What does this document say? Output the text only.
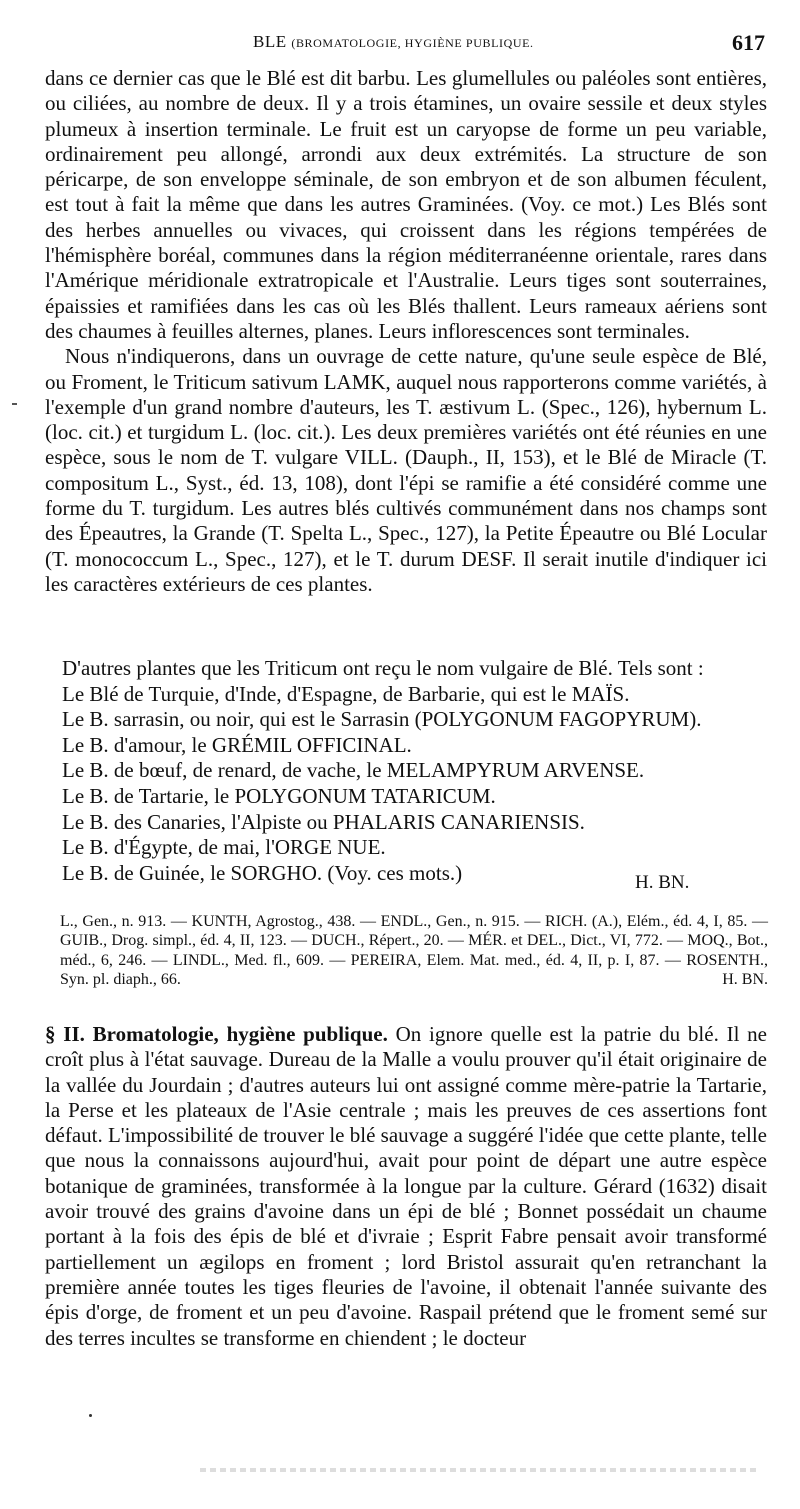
BLE (BROMATOLOGIE, HYGIÈNE PUBLIQUE.	617

dans ce dernier cas que le Blé est dit barbu. Les glumellules ou paléoles sont entières, ou ciliées, au nombre de deux. Il y a trois étamines, un ovaire sessile et deux styles plumeux à insertion terminale. Le fruit est un caryopse de forme un peu variable, ordinairement peu allongé, arrondi aux deux extrémités. La structure de son péricarpe, de son enveloppe séminale, de son embryon et de son albumen féculent, est tout à fait la même que dans les autres Graminées. (Voy. ce mot.) Les Blés sont des herbes annuelles ou vivaces, qui croissent dans les régions tempérées de l'hémisphère boréal, communes dans la région méditerranéenne orientale, rares dans l'Amérique méridionale extratropicale et l'Australie. Leurs tiges sont souterraines, épaissies et ramifiées dans les cas où les Blés thallent. Leurs rameaux aériens sont des chaumes à feuilles alternes, planes. Leurs inflorescences sont terminales.

Nous n'indiquerons, dans un ouvrage de cette nature, qu'une seule espèce de Blé, ou Froment, le Triticum sativum LAMK, auquel nous rapporterons comme variétés, à l'exemple d'un grand nombre d'auteurs, les T. æstivum L. (Spec., 126), hybernum L. (loc. cit.) et turgidum L. (loc. cit.). Les deux premières variétés ont été réunies en une espèce, sous le nom de T. vulgare VILL. (Dauph., II, 153), et le Blé de Miracle (T. compositum L., Syst., éd. 13, 108), dont l'épi se ramifie a été considéré comme une forme du T. turgidum. Les autres blés cultivés communément dans nos champs sont des Épeautres, la Grande (T. Spelta L., Spec., 127), la Petite Épeautre ou Blé Locular (T. monococcum L., Spec., 127), et le T. durum DESF. Il serait inutile d'indiquer ici les caractères extérieurs de ces plantes.

D'autres plantes que les Triticum ont reçu le nom vulgaire de Blé. Tels sont :
Le Blé de Turquie, d'Inde, d'Espagne, de Barbarie, qui est le MAÏS.
Le B. sarrasin, ou noir, qui est le Sarrasin (POLYGONUM FAGOPYRUM).
Le B. d'amour, le GRÉMIL OFFICINAL.
Le B. de bœuf, de renard, de vache, le MELAMPYRUM ARVENSE.
Le B. de Tartarie, le POLYGONUM TATARICUM.
Le B. des Canaries, l'Alpiste ou PHALARIS CANARIENSIS.
Le B. d'Égypte, de mai, l'ORGE NUE.
Le B. de Guinée, le SORGHO. (Voy. ces mots.)	H. BN.
L., Gen., n. 913. — KUNTH, Agrostog., 438. — ENDL., Gen., n. 915. — RICH. (A.), Elém., éd. 4, I, 85. — GUIB., Drog. simpl., éd. 4, II, 123. — DUCH., Répert., 20. — MÉR. et DEL., Dict., VI, 772. — MOQ., Bot., méd., 6, 246. — LINDL., Med. fl., 609. — PEREIRA, Elem. Mat. med., éd. 4, II, p. I, 87. — ROSENTH., Syn. pl. diaph., 66.	H. BN.
§ II. Bromatologie, hygiène publique. On ignore quelle est la patrie du blé. Il ne croît plus à l'état sauvage. Dureau de la Malle a voulu prouver qu'il était originaire de la vallée du Jourdain ; d'autres auteurs lui ont assigné comme mère-patrie la Tartarie, la Perse et les plateaux de l'Asie centrale ; mais les preuves de ces assertions font défaut. L'impossibilité de trouver le blé sauvage a suggéré l'idée que cette plante, telle que nous la connaissons aujourd'hui, avait pour point de départ une autre espèce botanique de graminées, transformée à la longue par la culture. Gérard (1632) disait avoir trouvé des grains d'avoine dans un épi de blé ; Bonnet possédait un chaume portant à la fois des épis de blé et d'ivraie ; Esprit Fabre pensait avoir transformé partiellement un ægilops en froment ; lord Bristol assurait qu'en retranchant la première année toutes les tiges fleuries de l'avoine, il obtenait l'année suivante des épis d'orge, de froment et un peu d'avoine. Raspail prétend que le froment semé sur des terres incultes se transforme en chiendent ; le docteur
